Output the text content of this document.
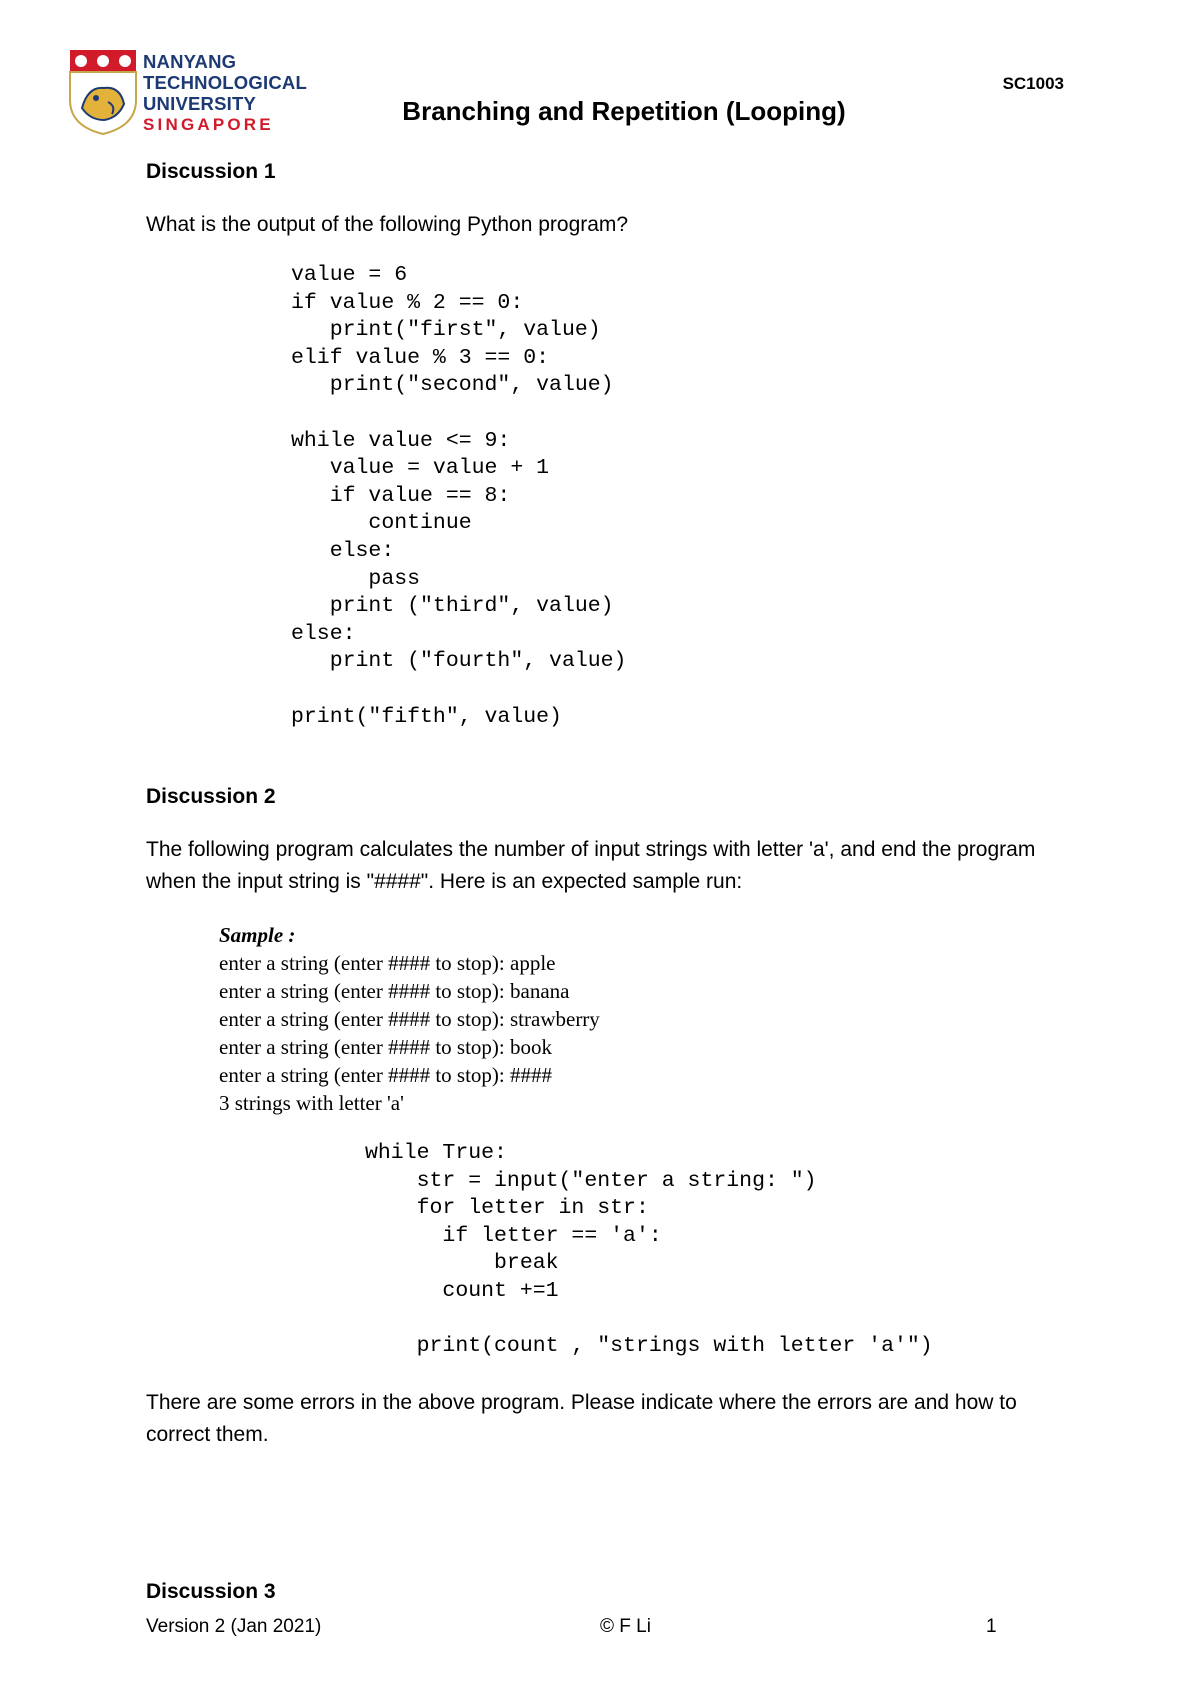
NANYANG
TECHNOLOGICAL
UNIVERSITY
SINGAPORE
SC1003
Branching and Repetition (Looping)
Discussion 1
What is the output of the following Python program?
value = 6
if value % 2 == 0:
print("first", value)
elif value % 3 == 0:
print("second", value)

while value <= 9:
value = value + 1
if value == 8:
continue
else:
pass
print ("third", value)
else:
print ("fourth", value)

print("fifth", value)
Discussion 2
The following program calculates the number of input strings with letter 'a', and end the program when the input string is "####". Here is an expected sample run:
Sample :
enter a string (enter #### to stop): apple
enter a string (enter #### to stop): banana
enter a string (enter #### to stop): strawberry
enter a string (enter #### to stop): book
enter a string (enter #### to stop): ####
3 strings with letter 'a'
while True:
str = input("enter a string: ")
for letter in str:
if letter == 'a':
break
count +=1

print(count , "strings with letter 'a'")
There are some errors in the above program. Please indicate where the errors are and how to correct them.
Discussion 3
Version 2 (Jan 2021)	© F Li	1
